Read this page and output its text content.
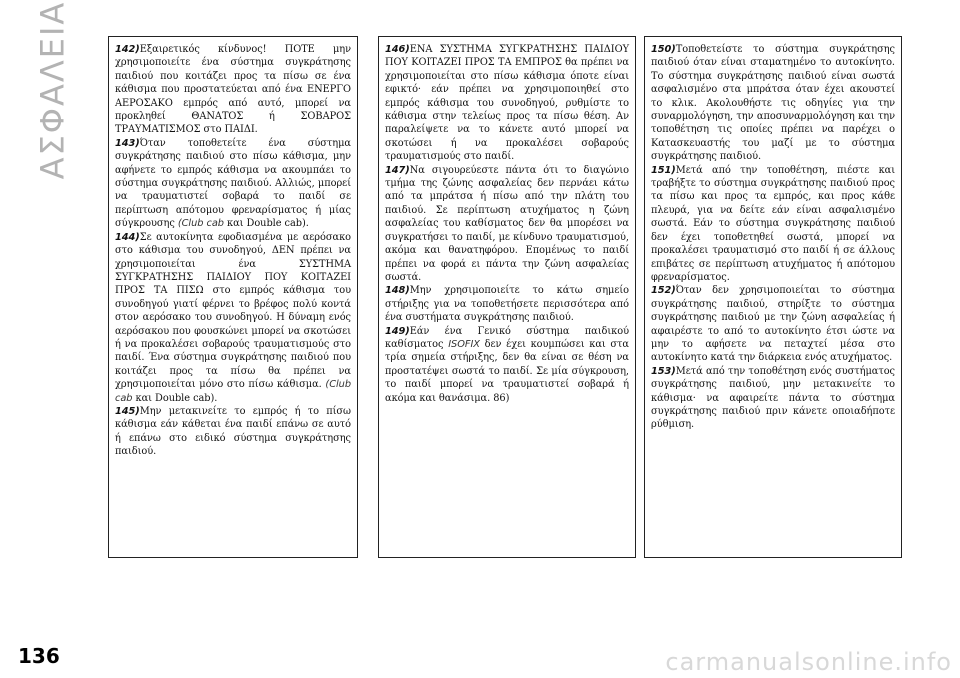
ΑΣΦΑΛΕΙΑ	142)Εξαιρετικός κίνδυνος! ΠΟΤΕ μην χρησιμοποιείτε ένα σύστημα συγκράτησης παιδιού που κοιτάζει προς τα πίσω σε ένα κάθισμα που προστατεύεται από ένα ΕΝΕΡΓΟ ΑΕΡΟΣΑΚΟ εμπρός από αυτό, μπορεί να προκληθεί ΘΑΝΑΤΟΣ ή ΣΟΒΑΡΟΣ ΤΡΑΥΜΑΤΙΣΜΟΣ στο ΠΑΙΔΙ.

143)Όταν τοποθετείτε ένα σύστημα συγκράτησης παιδιού στο πίσω κάθισμα, μην αφήνετε το εμπρός κάθισμα να ακουμπάει το σύστημα συγκράτησης παιδιού. Αλλιώς, μπορεί να τραυματιστεί σοβαρά το παιδί σε περίπτωση απότομου φρεναρίσματος ή μίας σύγκρουσης (Club cab και Double cab).

144)Σε αυτοκίνητα εφοδιασμένα με αερόσακο στο κάθισμα του συνοδηγού, ΔΕΝ πρέπει να χρησιμοποιείται ένα ΣΥΣΤΗΜΑ ΣΥΓΚΡΑΤΗΣΗΣ ΠΑΙΔΙΟΥ ΠΟΥ ΚΟΙΤΑΖΕΙ ΠΡΟΣ ΤΑ ΠΙΣΩ στο εμπρός κάθισμα του συνοδηγού γιατί φέρνει το βρέφος πολύ κοντά στον αερόσακο του συνοδηγού. Η δύναμη ενός αερόσακου που φουσκώνει μπορεί να σκοτώσει ή να προκαλέσει σοβαρούς τραυματισμούς στο παιδί. Ένα σύστημα συγκράτησης παιδιού που κοιτάζει προς τα πίσω θα πρέπει να χρησιμοποιείται μόνο στο πίσω κάθισμα. (Club cab και Double cab).

145)Μην μετακινείτε το εμπρός ή το πίσω κάθισμα εάν κάθεται ένα παιδί επάνω σε αυτό ή επάνω στο ειδικό σύστημα συγκράτησης παιδιού.

146)ΕΝΑ ΣΥΣΤΗΜΑ ΣΥΓΚΡΑΤΗΣΗΣ ΠΑΙΔΙΟΥ ΠΟΥ ΚΟΙΤΑΖΕΙ ΠΡΟΣ ΤΑ ΕΜΠΡΟΣ θα πρέπει να χρησιμοποιείται στο πίσω κάθισμα όποτε είναι εφικτό· εάν πρέπει να χρησιμοποιηθεί στο εμπρός κάθισμα του συνοδηγού, ρυθμίστε το κάθισμα στην τελείως προς τα πίσω θέση. Αν παραλείψετε να το κάνετε αυτό μπορεί να σκοτώσει ή να προκαλέσει σοβαρούς τραυματισμούς στο παιδί.

147)Να σιγουρεύεστε πάντα ότι το διαγώνιο τμήμα της ζώνης ασφαλείας δεν περνάει κάτω από τα μπράτσα ή πίσω από την πλάτη του παιδιού. Σε περίπτωση ατυχήματος η ζώνη ασφαλείας του καθίσματος δεν θα μπορέσει να συγκρατήσει το παιδί, με κίνδυνο τραυματισμού, ακόμα και θανατηφόρου. Επομένως το παιδί πρέπει να φορά ει πάντα την ζώνη ασφαλείας σωστά.

148)Μην χρησιμοποιείτε το κάτω σημείο στήριξης για να τοποθετήσετε περισσότερα από ένα συστήματα συγκράτησης παιδιού.

149)Εάν ένα Γενικό σύστημα παιδικού καθίσματος ISOFIX δεν έχει κουμπώσει και στα τρία σημεία στήριξης, δεν θα είναι σε θέση να προστατέψει σωστά το παιδί. Σε μία σύγκρουση, το παιδί μπορεί να τραυματιστεί σοβαρά ή ακόμα και θανάσιμα. 86)

150)Τοποθετείστε το σύστημα συγκράτησης παιδιού όταν είναι σταματημένο το αυτοκίνητο. Το σύστημα συγκράτησης παιδιού είναι σωστά ασφαλισμένο στα μπράτσα όταν έχει ακουστεί το κλικ. Ακολουθήστε τις οδηγίες για την συναρμολόγηση, την αποσυναρμολόγηση και την τοποθέτηση τις οποίες πρέπει να παρέχει ο Κατασκευαστής του μαζί με το σύστημα συγκράτησης παιδιού.

151)Μετά από την τοποθέτηση, πιέστε και τραβήξτε το σύστημα συγκράτησης παιδιού προς τα πίσω και προς τα εμπρός, και προς κάθε πλευρά, για να δείτε εάν είναι ασφαλισμένο σωστά. Εάν το σύστημα συγκράτησης παιδιού δεν έχει τοποθετηθεί σωστά, μπορεί να προκαλέσει τραυματισμό στο παιδί ή σε άλλους επιβάτες σε περίπτωση ατυχήματος ή απότομου φρεναρίσματος.

152)Όταν δεν χρησιμοποιείται το σύστημα συγκράτησης παιδιού, στηρίξτε το σύστημα συγκράτησης παιδιού με την ζώνη ασφαλείας ή αφαιρέστε το από το αυτοκίνητο έτσι ώστε να μην το αφήσετε να πεταχτεί μέσα στο αυτοκίνητο κατά την διάρκεια ενός ατυχήματος.

153)Μετά από την τοποθέτηση ενός συστήματος συγκράτησης παιδιού, μην μετακινείτε το κάθισμα· να αφαιρείτε πάντα το σύστημα συγκράτησης παιδιού πριν κάνετε οποιαδήποτε ρύθμιση.

136	carmanualsonline.info
